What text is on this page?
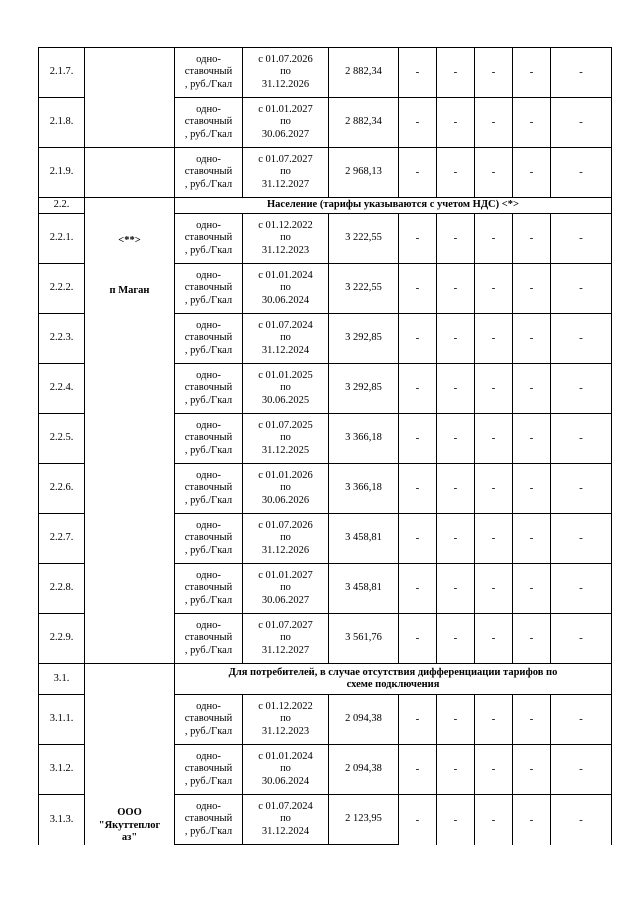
2.1.7.		одно-
ставочный
, руб./Гкал	с 01.07.2026
по
31.12.2026	2 882,34	-	-	-	-	-
2.1.8.		одно-
ставочный
, руб./Гкал	с 01.01.2027
по
30.06.2027	2 882,34	-	-	-	-	-
2.1.9.		одно-
ставочный
, руб./Гкал	с 01.07.2027
по
31.12.2027	2 968,13	-	-	-	-	-
2.2.	<**>

п Маган	Население (тарифы указываются с учетом НДС) <*>							
2.2.1.		одно-
ставочный
, руб./Гкал	с 01.12.2022
по
31.12.2023	3 222,55	-	-	-	-	-
2.2.2.		одно-
ставочный
, руб./Гкал	с 01.01.2024
по
30.06.2024	3 222,55	-	-	-	-	-
2.2.3.		одно-
ставочный
, руб./Гкал	с 01.07.2024
по
31.12.2024	3 292,85	-	-	-	-	-
2.2.4.		одно-
ставочный
, руб./Гкал	с 01.01.2025
по
30.06.2025	3 292,85	-	-	-	-	-
2.2.5.		одно-
ставочный
, руб./Гкал	с 01.07.2025
по
31.12.2025	3 366,18	-	-	-	-	-
2.2.6.		одно-
ставочный
, руб./Гкал	с 01.01.2026
по
30.06.2026	3 366,18	-	-	-	-	-
2.2.7.		одно-
ставочный
, руб./Гкал	с 01.07.2026
по
31.12.2026	3 458,81	-	-	-	-	-
2.2.8.		одно-
ставочный
, руб./Гкал	с 01.01.2027
по
30.06.2027	3 458,81	-	-	-	-	-
2.2.9.		одно-
ставочный
, руб./Гкал	с 01.07.2027
по
31.12.2027	3 561,76	-	-	-	-	-
3.1.	ООО
"Якуттеплог
аз"	Для потребителей, в случае отсутствия дифференциации тарифов по
схеме подключения							
3.1.1.		одно-
ставочный
, руб./Гкал	с 01.12.2022
по
31.12.2023	2 094,38	-	-	-	-	-
3.1.2.		одно-
ставочный
, руб./Гкал	с 01.01.2024
по
30.06.2024	2 094,38	-	-	-	-	-
3.1.3.		одно-
ставочный
, руб./Гкал	с 01.07.2024
по
31.12.2024	2 123,95	-	-	-	-	-
